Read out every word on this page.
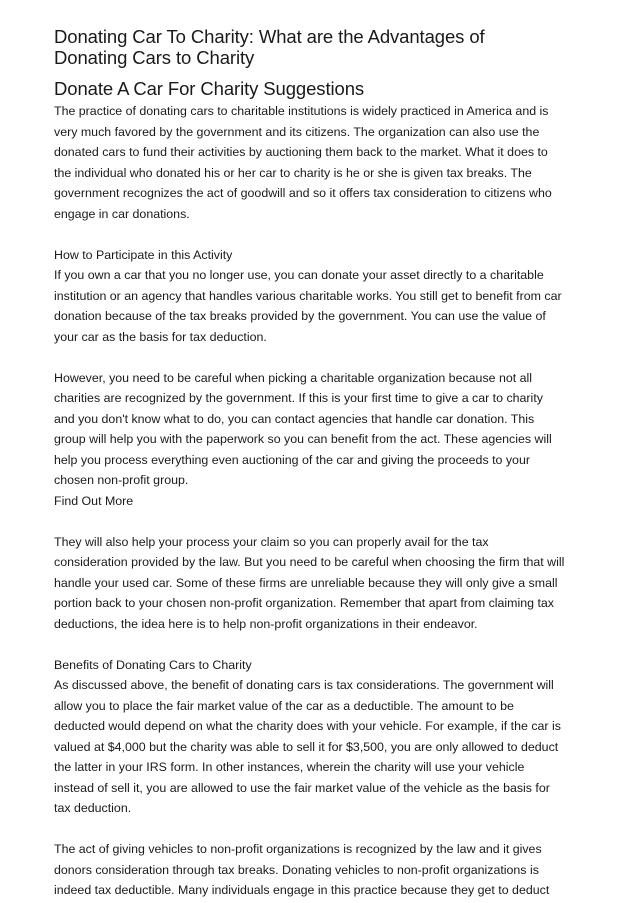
Donating Car To Charity: What are the Advantages of
Donating Cars to Charity
Donate A Car For Charity Suggestions

The practice of donating cars to charitable institutions is widely practiced in America and is
very much favored by the government and its citizens. The organization can also use the
donated cars to fund their activities by auctioning them back to the market. What it does to
the individual who donated his or her car to charity is he or she is given tax breaks. The
government recognizes the act of goodwill and so it offers tax consideration to citizens who
engage in car donations.

How to Participate in this Activity
If you own a car that you no longer use, you can donate your asset directly to a charitable
institution or an agency that handles various charitable works. You still get to benefit from car
donation because of the tax breaks provided by the government. You can use the value of
your car as the basis for tax deduction.

However, you need to be careful when picking a charitable organization because not all
charities are recognized by the government. If this is your first time to give a car to charity
and you don't know what to do, you can contact agencies that handle car donation. This
group will help you with the paperwork so you can benefit from the act. These agencies will
help you process everything even auctioning of the car and giving the proceeds to your
chosen non-profit group.
Find Out More

They will also help your process your claim so you can properly avail for the tax
consideration provided by the law. But you need to be careful when choosing the firm that will
handle your used car. Some of these firms are unreliable because they will only give a small
portion back to your chosen non-profit organization. Remember that apart from claiming tax
deductions, the idea here is to help non-profit organizations in their endeavor.

Benefits of Donating Cars to Charity
As discussed above, the benefit of donating cars is tax considerations. The government will
allow you to place the fair market value of the car as a deductible. The amount to be
deducted would depend on what the charity does with your vehicle. For example, if the car is
valued at $4,000 but the charity was able to sell it for $3,500, you are only allowed to deduct
the latter in your IRS form. In other instances, wherein the charity will use your vehicle
instead of sell it, you are allowed to use the fair market value of the vehicle as the basis for
tax deduction.

The act of giving vehicles to non-profit organizations is recognized by the law and it gives
donors consideration through tax breaks. Donating vehicles to non-profit organizations is
indeed tax deductible. Many individuals engage in this practice because they get to deduct
